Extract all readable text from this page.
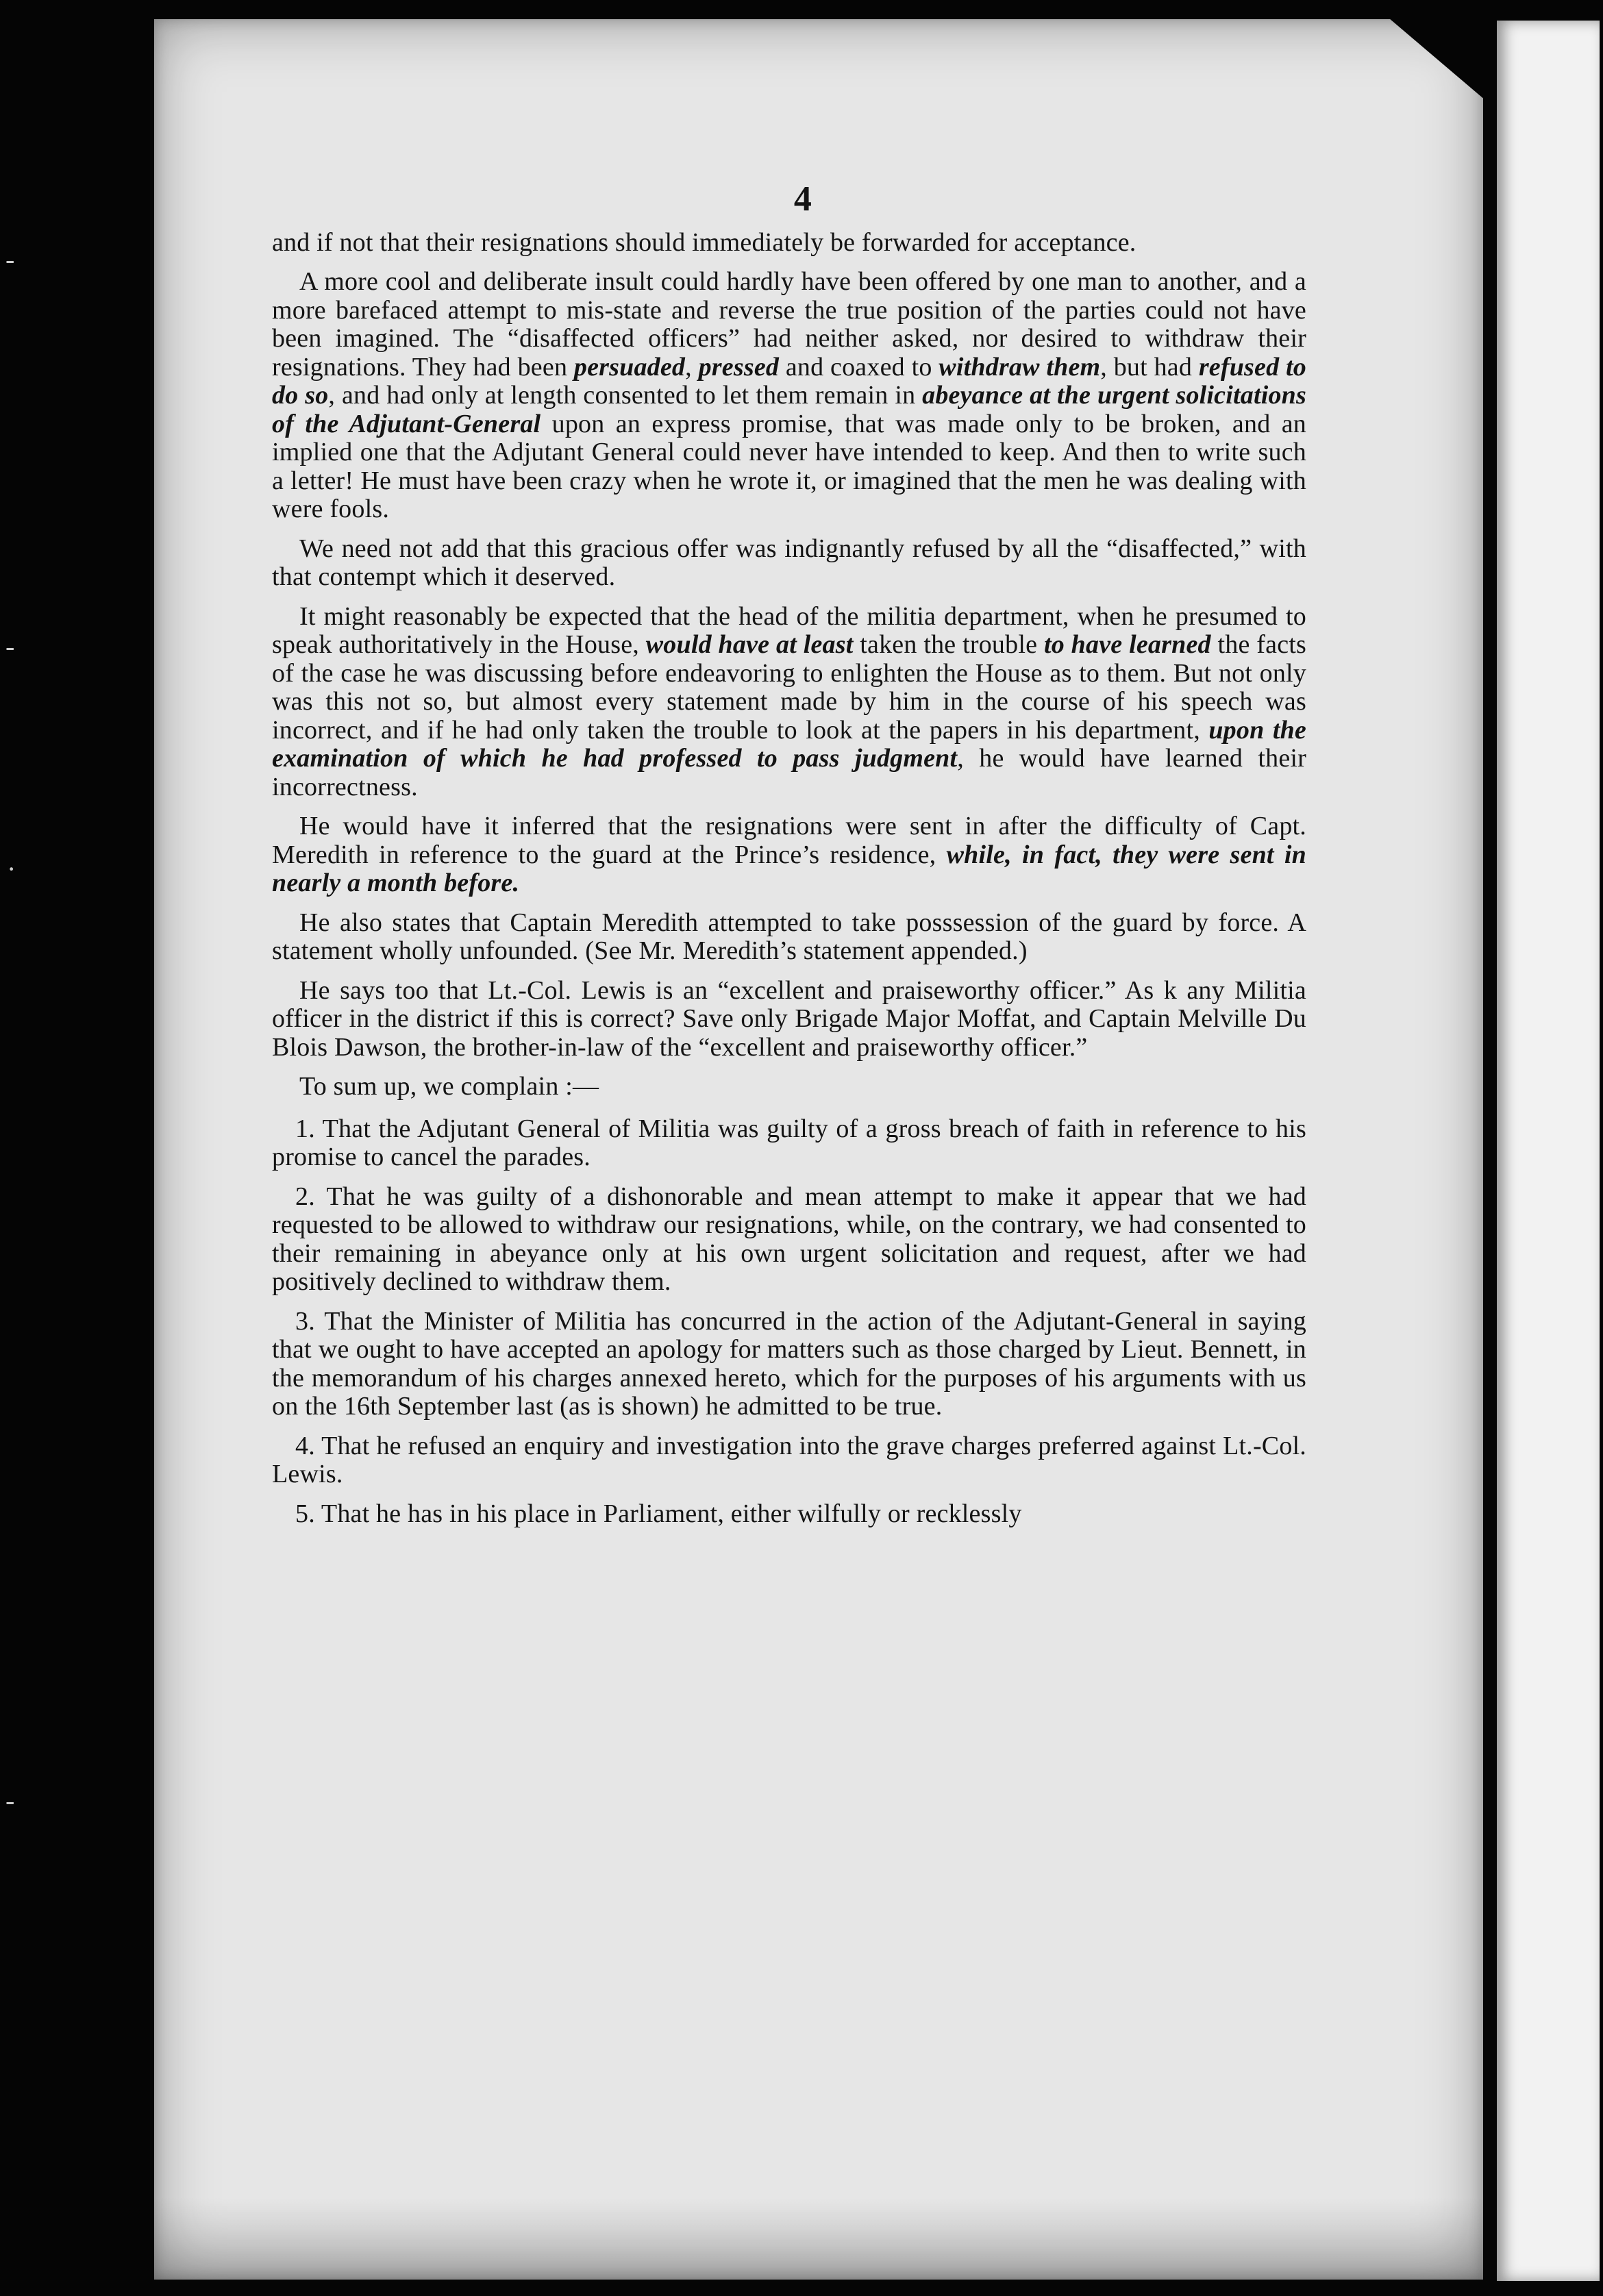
-
-
·
-
4

and if not that their resignations should immediately be forwarded for acceptance.

A more cool and deliberate insult could hardly have been offered by one man to another, and a more barefaced attempt to mis-state and reverse the true position of the parties could not have been imagined. The “disaffected officers” had neither asked, nor desired to withdraw their resignations. They had been persuaded, pressed and coaxed to withdraw them, but had refused to do so, and had only at length consented to let them remain in abeyance at the urgent solicitations of the Adjutant-General upon an express promise, that was made only to be broken, and an implied one that the Adjutant General could never have intended to keep. And then to write such a letter! He must have been crazy when he wrote it, or imagined that the men he was dealing with were fools.

We need not add that this gracious offer was indignantly refused by all the “disaffected,” with that contempt which it deserved.

It might reasonably be expected that the head of the militia department, when he presumed to speak authoritatively in the House, would have at least taken the trouble to have learned the facts of the case he was discussing before endeavoring to enlighten the House as to them. But not only was this not so, but almost every statement made by him in the course of his speech was incorrect, and if he had only taken the trouble to look at the papers in his department, upon the examination of which he had professed to pass judgment, he would have learned their incorrectness.

He would have it inferred that the resignations were sent in after the difficulty of Capt. Meredith in reference to the guard at the Prince’s residence, while, in fact, they were sent in nearly a month before.

He also states that Captain Meredith attempted to take posssession of the guard by force. A statement wholly unfounded. (See Mr. Meredith’s statement appended.)

He says too that Lt.-Col. Lewis is an “excellent and praiseworthy officer.” As k any Militia officer in the district if this is correct? Save only Brigade Major Moffat, and Captain Melville Du Blois Dawson, the brother-in-law of the “excellent and praiseworthy officer.”

To sum up, we complain :—

1. That the Adjutant General of Militia was guilty of a gross breach of faith in reference to his promise to cancel the parades.

2. That he was guilty of a dishonorable and mean attempt to make it appear that we had requested to be allowed to withdraw our resignations, while, on the contrary, we had consented to their remaining in abeyance only at his own urgent solicitation and request, after we had positively declined to withdraw them.

3. That the Minister of Militia has concurred in the action of the Adjutant-General in saying that we ought to have accepted an apology for matters such as those charged by Lieut. Bennett, in the memorandum of his charges annexed hereto, which for the purposes of his arguments with us on the 16th September last (as is shown) he admitted to be true.

4. That he refused an enquiry and investigation into the grave charges preferred against Lt.-Col. Lewis.

5. That he has in his place in Parliament, either wilfully or recklessly
